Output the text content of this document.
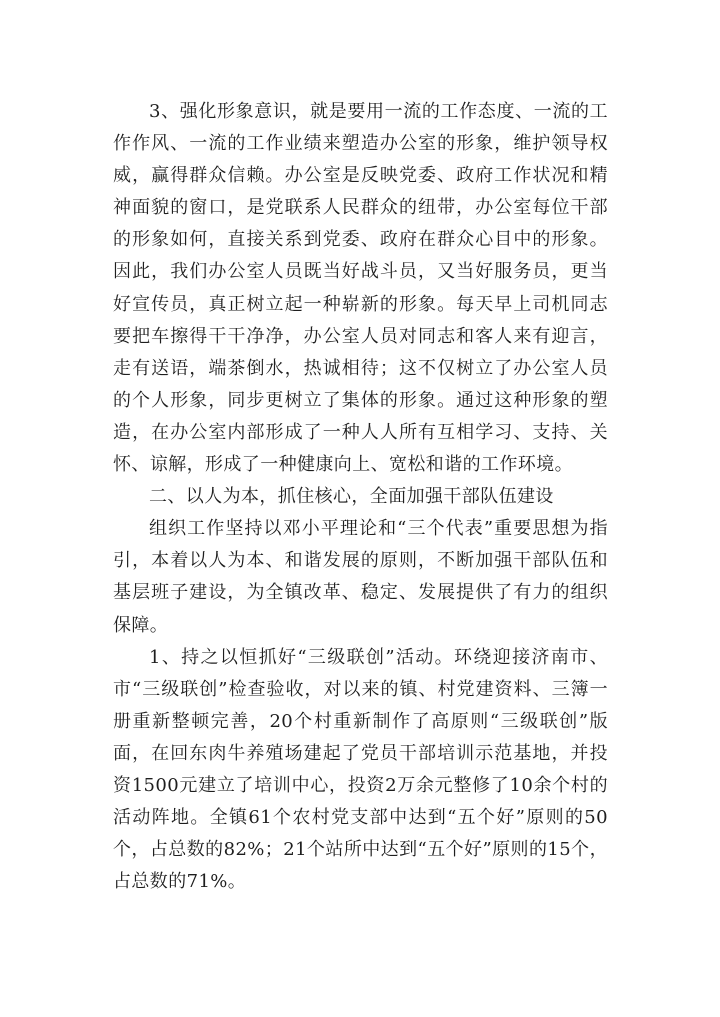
3、强化形象意识，就是要用一流的工作态度、一流的工作作风、一流的工作业绩来塑造办公室的形象，维护领导权威，赢得群众信赖。办公室是反映党委、政府工作状况和精神面貌的窗口，是党联系人民群众的纽带，办公室每位干部的形象如何，直接关系到党委、政府在群众心目中的形象。因此，我们办公室人员既当好战斗员，又当好服务员，更当好宣传员，真正树立起一种崭新的形象。每天早上司机同志要把车擦得干干净净，办公室人员对同志和客人来有迎言，走有送语，端茶倒水，热诚相待；这不仅树立了办公室人员的个人形象，同步更树立了集体的形象。通过这种形象的塑造，在办公室内部形成了一种人人所有互相学习、支持、关怀、谅解，形成了一种健康向上、宽松和谐的工作环境。

二、以人为本，抓住核心，全面加强干部队伍建设

组织工作坚持以邓小平理论和“三个代表”重要思想为指引，本着以人为本、和谐发展的原则，不断加强干部队伍和基层班子建设，为全镇改革、稳定、发展提供了有力的组织保障。

1、持之以恒抓好“三级联创”活动。环绕迎接济南市、市“三级联创”检查验收，对以来的镇、村党建资料、三簿一册重新整顿完善，20个村重新制作了高原则“三级联创”版面，在回东肉牛养殖场建起了党员干部培训示范基地，并投资1500元建立了培训中心，投资2万余元整修了10余个村的活动阵地。全镇61个农村党支部中达到“五个好”原则的50个，占总数的82%；21个站所中达到“五个好”原则的15个，占总数的71%。
